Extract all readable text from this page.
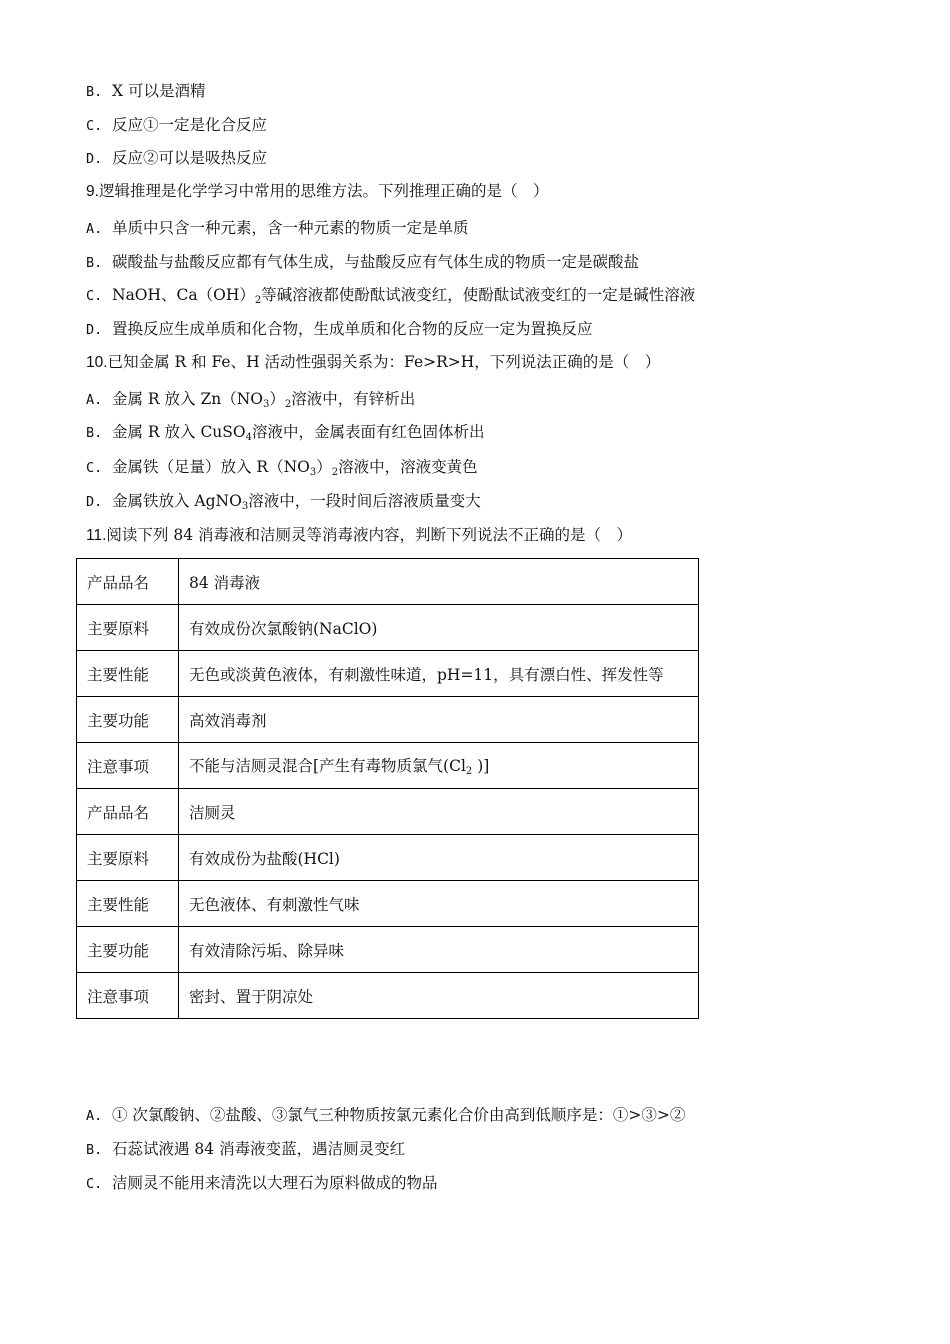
B. X 可以是酒精
C. 反应①一定是化合反应
D. 反应②可以是吸热反应
9.逻辑推理是化学学习中常用的思维方法。下列推理正确的是（　）
A. 单质中只含一种元素，含一种元素的物质一定是单质
B. 碳酸盐与盐酸反应都有气体生成，与盐酸反应有气体生成的物质一定是碳酸盐
C. NaOH、$Ca(OH)_2$等碱溶液都使酚酞试液变红，使酚酞试液变红的一定是碱性溶液
D. 置换反应生成单质和化合物，生成单质和化合物的反应一定为置换反应
10.已知金属 R 和 Fe、H 活动性强弱关系为：Fe>R>H，下列说法正确的是（　）
A. 金属 R 放入 $Zn(NO_3)_2$溶液中，有锌析出
B. 金属 R 放入 CuSO$_4$溶液中，金属表面有红色固体析出
C. 金属铁（足量）放入 $R(NO_3)_2$溶液中，溶液变黄色
D. 金属铁放入 AgNO$_3$溶液中，一段时间后溶液质量变大
11.阅读下列 84 消毒液和洁厕灵等消毒液内容，判断下列说法不正确的是（　）
产品品名	84 消毒液
主要原料	有效成份次氯酸钠(NaClO)
主要性能	无色或淡黄色液体，有刺激性味道，pH=11，具有漂白性、挥发性等
主要功能	高效消毒剂
注意事项	不能与洁厕灵混合[产生有毒物质氯气($Cl_2$ )]
产品品名	洁厕灵
主要原料	有效成份为盐酸(HCl)
主要性能	无色液体、有刺激性气味
主要功能	有效清除污垢、除异味
注意事项	密封、置于阴凉处
A. ① 次氯酸钠、②盐酸、③氯气三种物质按氯元素化合价由高到低顺序是：①>③>②
B. 石蕊试液遇 84 消毒液变蓝，遇洁厕灵变红
C. 洁厕灵不能用来清洗以大理石为原料做成的物品
